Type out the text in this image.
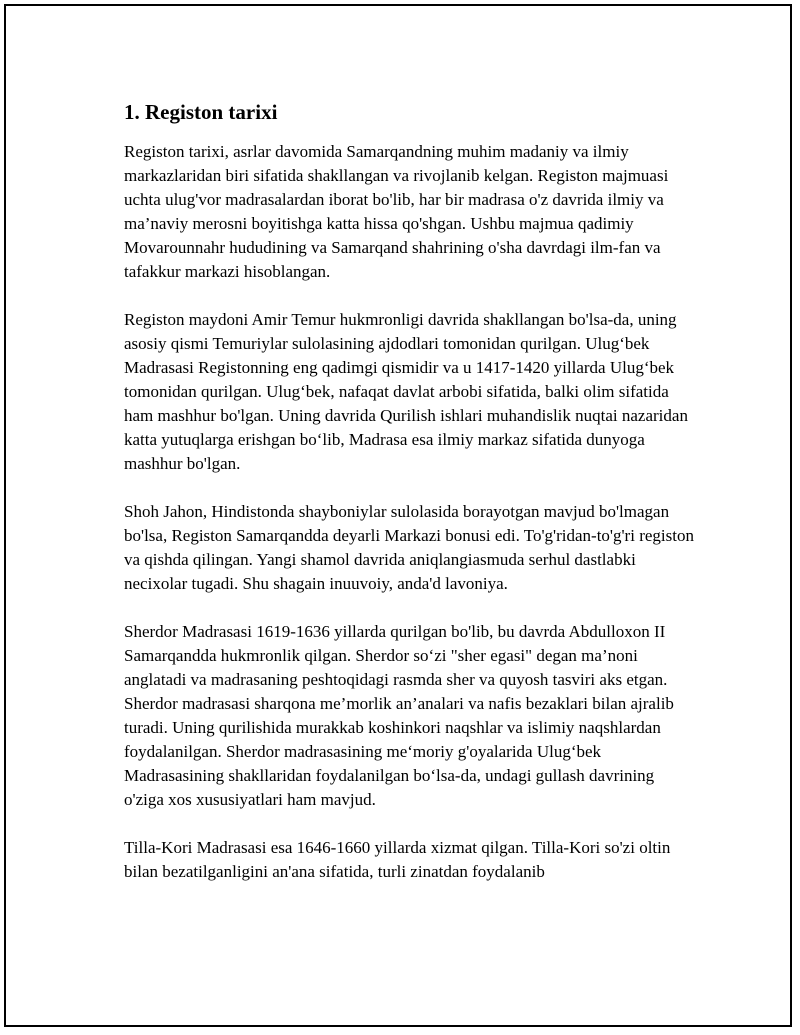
1. Registon tarixi

Registon tarixi, asrlar davomida Samarqandning muhim madaniy va ilmiy markazlaridan biri sifatida shakllangan va rivojlanib kelgan. Registon majmuasi uchta ulug'vor madrasalardan iborat bo'lib, har bir madrasa o'z davrida ilmiy va ma’naviy merosni boyitishga katta hissa qo'shgan. Ushbu majmua qadimiy Movarounnahr hududining va Samarqand shahrining o'sha davrdagi ilm-fan va tafakkur markazi hisoblangan.

Registon maydoni Amir Temur hukmronligi davrida shakllangan bo'lsa-da, uning asosiy qismi Temuriylar sulolasining ajdodlari tomonidan qurilgan. Ulug‘bek Madrasasi Registonning eng qadimgi qismidir va u 1417-1420 yillarda Ulug‘bek tomonidan qurilgan. Ulug‘bek, nafaqat davlat arbobi sifatida, balki olim sifatida ham mashhur bo'lgan. Uning davrida Qurilish ishlari muhandislik nuqtai nazaridan katta yutuqlarga erishgan bo‘lib, Madrasa esa ilmiy markaz sifatida dunyoga mashhur bo'lgan.

Shoh Jahon, Hindistonda shayboniylar sulolasida borayotgan mavjud bo'lmagan bo'lsa, Registon Samarqandda deyarli Markazi bonusi edi. To'g'ridan-to'g'ri registon va qishda qilingan. Yangi shamol davrida aniqlangiasmuda serhul dastlabki necixolar tugadi. Shu shagain inuuvoiy, anda'd lavoniya.

Sherdor Madrasasi 1619-1636 yillarda qurilgan bo'lib, bu davrda Abdulloxon II Samarqandda hukmronlik qilgan. Sherdor so‘zi "sher egasi" degan ma’noni anglatadi va madrasaning peshtoqidagi rasmda sher va quyosh tasviri aks etgan. Sherdor madrasasi sharqona me’morlik an’analari va nafis bezaklari bilan ajralib turadi. Uning qurilishida murakkab koshinkori naqshlar va islimiy naqshlardan foydalanilgan. Sherdor madrasasining meʻmoriy g'oyalarida Ulug‘bek Madrasasining shakllaridan foydalanilgan bo‘lsa-da, undagi gullash davrining o'ziga xos xususiyatlari ham mavjud.

Tilla-Kori Madrasasi esa 1646-1660 yillarda xizmat qilgan. Tilla-Kori so'zi oltin bilan bezatilganligini an'ana sifatida, turli zinatdan foydalanib
